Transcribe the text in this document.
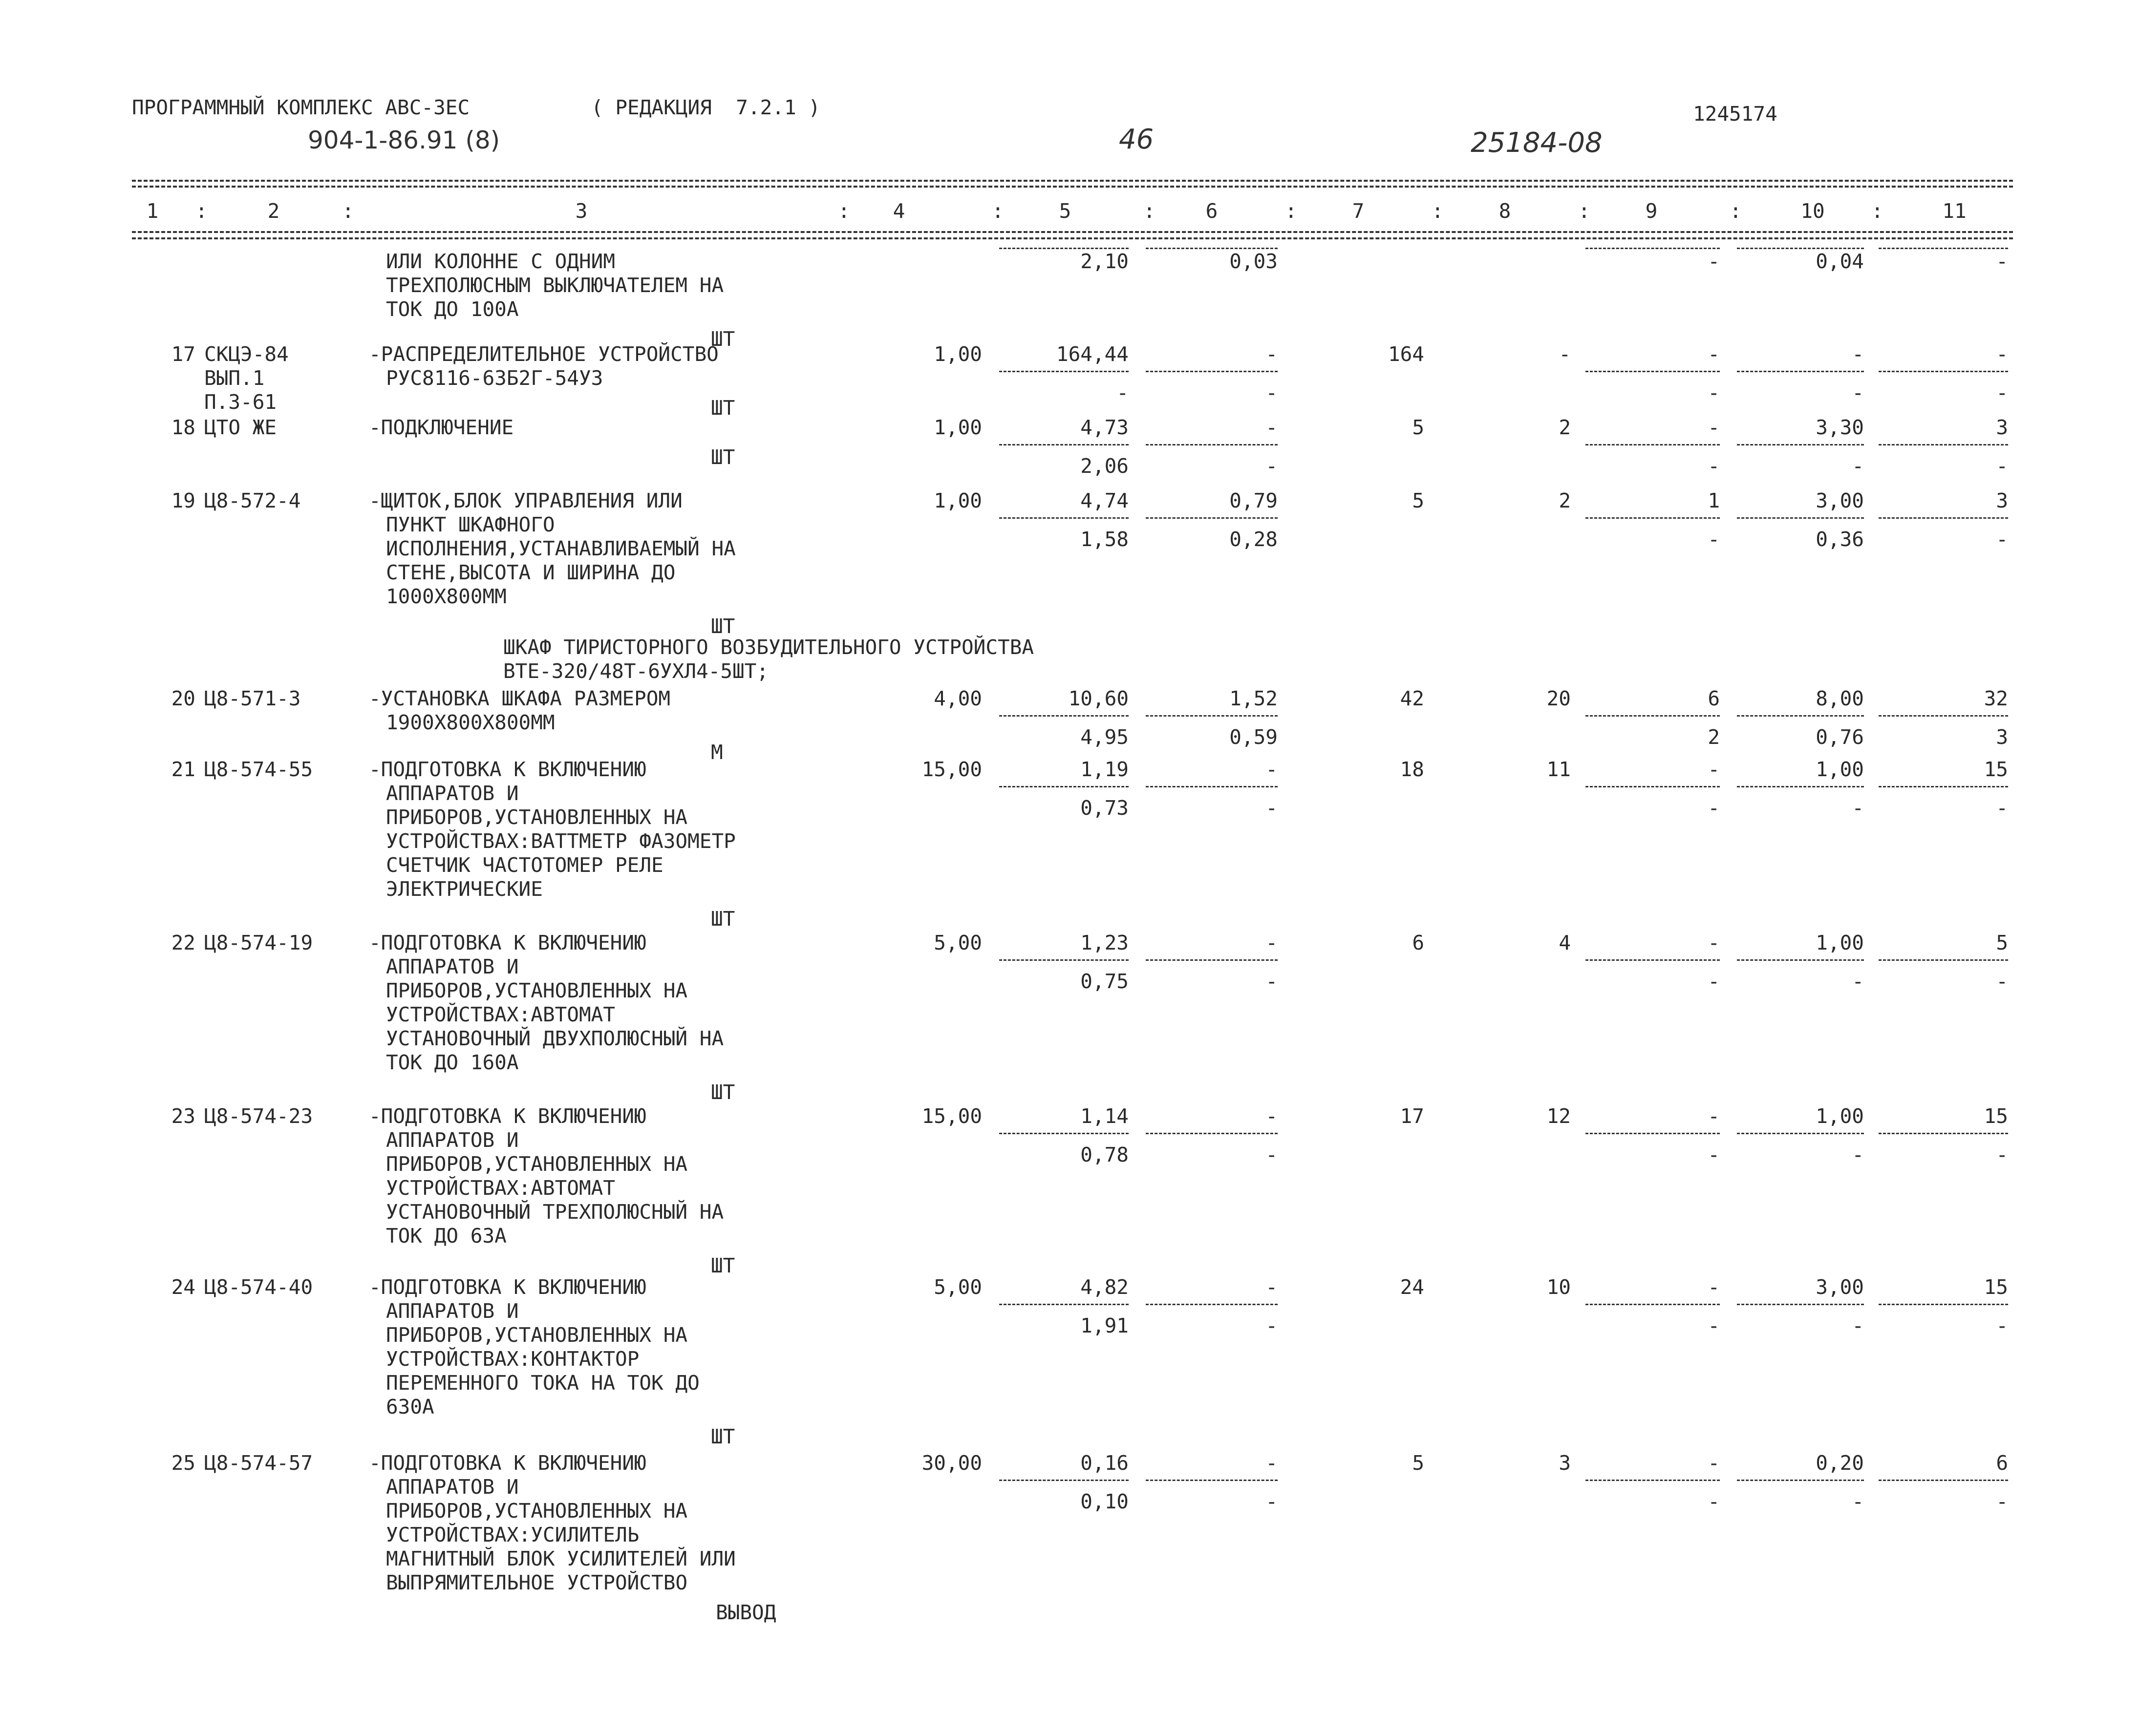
ПРОГРАММНЫЙ КОМПЛЕКС АВС-3ЕС	( РЕДАКЦИЯ  7.2.1 )	1245174
904-1-86.91 (8)	46	25184-08
1	2	3	4	5	6	7	8	9	10	11
:	:	:	:	:	:	:	:	:	:
ИЛИ КОЛОННЕ С ОДНИМ
ТРЕХПОЛЮСНЫМ ВЫКЛЮЧАТЕЛЕМ НА
ТОК ДО 100А
ШТ
2,10	0,03	-	0,04	-
17 СКЦЭ-84
ВЫП.1
П.3-61
-РАСПРЕДЕЛИТЕЛЬНОЕ УСТРОЙСТВО
РУС8116-63Б2Г-54У3
ШТ
1,00	164,44	-	164	-	-	-	-
-	-	-	-	-
18 ЦТО ЖЕ	-ПОДКЛЮЧЕНИЕ
ШТ
1,00	4,73	-	5	2	-	3,30	3
2,06	-	-	-	-
19 Ц8-572-4	-ЩИТОК,БЛОК УПРАВЛЕНИЯ ИЛИ
ПУНКТ ШКАФНОГО
ИСПОЛНЕНИЯ,УСТАНАВЛИВАЕМЫЙ НА
СТЕНЕ,ВЫСОТА И ШИРИНА ДО
1000Х800ММ
ШТ
1,00	4,74	0,79	5	2	1	3,00	3
1,58	0,28	-	0,36	-
ШКАФ ТИРИСТОРНОГО ВОЗБУДИТЕЛЬНОГО УСТРОЙСТВА
ВТЕ-320/48Т-6УХЛ4-5ШТ;
20 Ц8-571-3	-УСТАНОВКА ШКАФА РАЗМЕРОМ
1900Х800Х800ММ
М
4,00	10,60	1,52	42	20	6	8,00	32
4,95	0,59	2	0,76	3
21 Ц8-574-55	-ПОДГОТОВКА К ВКЛЮЧЕНИЮ
АППАРАТОВ И
ПРИБОРОВ,УСТАНОВЛЕННЫХ НА
УСТРОЙСТВАХ:ВАТТМЕТР ФАЗОМЕТР
СЧЕТЧИК ЧАСТОТОМЕР РЕЛЕ
ЭЛЕКТРИЧЕСКИЕ
ШТ
15,00	1,19	-	18	11	-	1,00	15
0,73	-	-	-	-
22 Ц8-574-19	-ПОДГОТОВКА К ВКЛЮЧЕНИЮ
АППАРАТОВ И
ПРИБОРОВ,УСТАНОВЛЕННЫХ НА
УСТРОЙСТВАХ:АВТОМАТ
УСТАНОВОЧНЫЙ ДВУХПОЛЮСНЫЙ НА
ТОК ДО 160А
ШТ
5,00	1,23	-	6	4	-	1,00	5
0,75	-	-	-	-
23 Ц8-574-23	-ПОДГОТОВКА К ВКЛЮЧЕНИЮ
АППАРАТОВ И
ПРИБОРОВ,УСТАНОВЛЕННЫХ НА
УСТРОЙСТВАХ:АВТОМАТ
УСТАНОВОЧНЫЙ ТРЕХПОЛЮСНЫЙ НА
ТОК ДО 63А
ШТ
15,00	1,14	-	17	12	-	1,00	15
0,78	-	-	-	-
24 Ц8-574-40	-ПОДГОТОВКА К ВКЛЮЧЕНИЮ
АППАРАТОВ И
ПРИБОРОВ,УСТАНОВЛЕННЫХ НА
УСТРОЙСТВАХ:КОНТАКТОР
ПЕРЕМЕННОГО ТОКА НА ТОК ДО
630А
ШТ
5,00	4,82	-	24	10	-	3,00	15
1,91	-	-	-	-
25 Ц8-574-57	-ПОДГОТОВКА К ВКЛЮЧЕНИЮ
АППАРАТОВ И
ПРИБОРОВ,УСТАНОВЛЕННЫХ НА
УСТРОЙСТВАХ:УСИЛИТЕЛЬ
МАГНИТНЫЙ БЛОК УСИЛИТЕЛЕЙ ИЛИ
ВЫПРЯМИТЕЛЬНОЕ УСТРОЙСТВО
ВЫВОД
30,00	0,16	-	5	3	-	0,20	6
0,10	-	-	-	-
